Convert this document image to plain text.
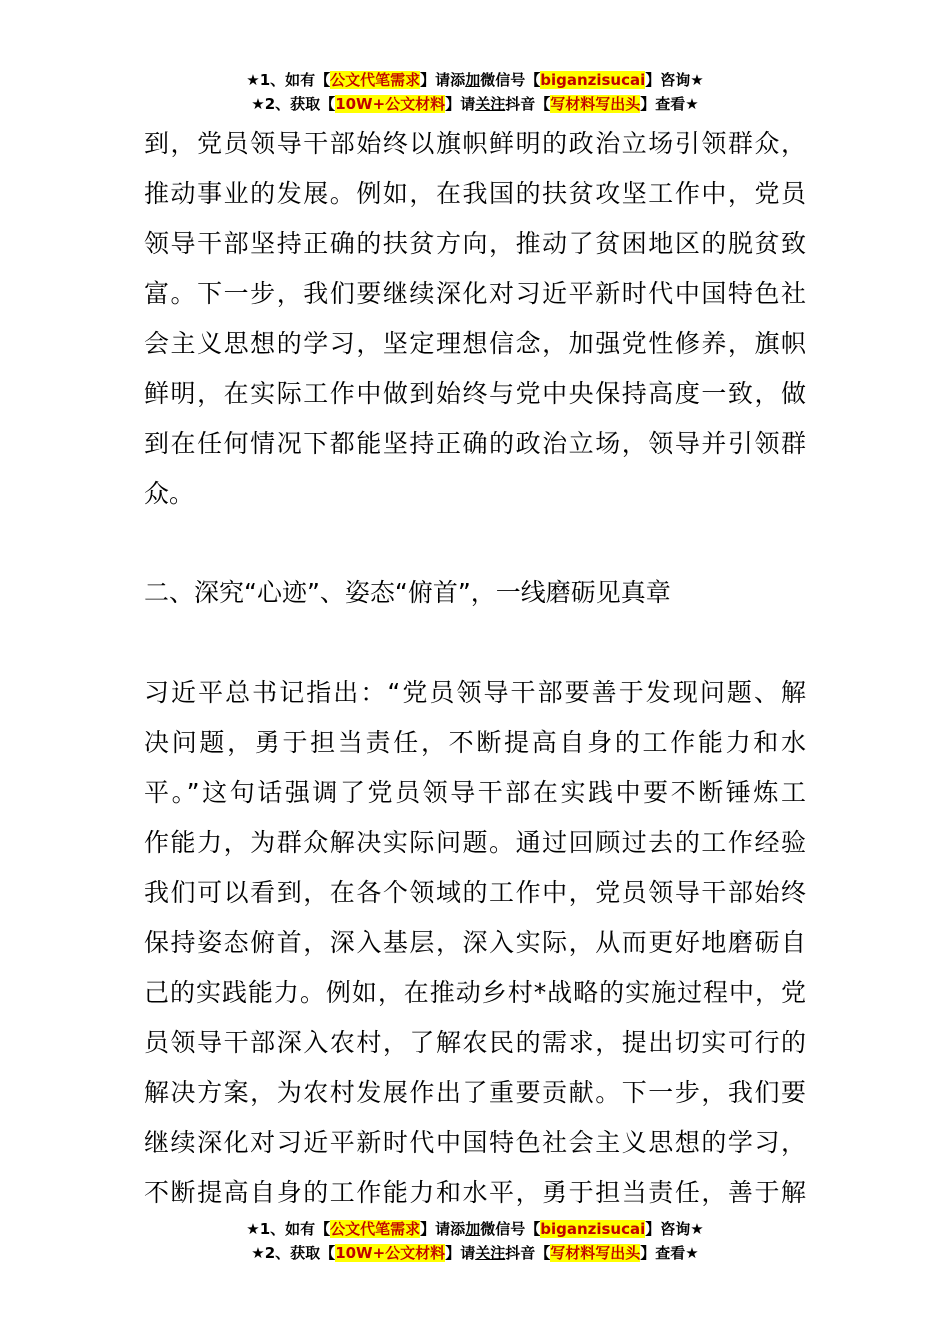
★1、如有【公文代笔需求】请添加微信号【biganzisucai】咨询★
★2、获取【10W+公文材料】请关注抖音【写材料写出头】查看★
到，党员领导干部始终以旗帜鲜明的政治立场引领群众，
推动事业的发展。例如，在我国的扶贫攻坚工作中，党员
领导干部坚持正确的扶贫方向，推动了贫困地区的脱贫致
富。下一步，我们要继续深化对习近平新时代中国特色社
会主义思想的学习，坚定理想信念，加强党性修养，旗帜
鲜明，在实际工作中做到始终与党中央保持高度一致，做
到在任何情况下都能坚持正确的政治立场，领导并引领群
众。
二、深究“心迹”、姿态“俯首”，一线磨砺见真章
习近平总书记指出：“党员领导干部要善于发现问题、解
决问题，勇于担当责任，不断提高自身的工作能力和水
平。”这句话强调了党员领导干部在实践中要不断锤炼工
作能力，为群众解决实际问题。通过回顾过去的工作经验
我们可以看到，在各个领域的工作中，党员领导干部始终
保持姿态俯首，深入基层，深入实际，从而更好地磨砺自
己的实践能力。例如，在推动乡村*战略的实施过程中，党
员领导干部深入农村，了解农民的需求，提出切实可行的
解决方案，为农村发展作出了重要贡献。下一步，我们要
继续深化对习近平新时代中国特色社会主义思想的学习，
不断提高自身的工作能力和水平，勇于担当责任，善于解
★1、如有【公文代笔需求】请添加微信号【biganzisucai】咨询★
★2、获取【10W+公文材料】请关注抖音【写材料写出头】查看★
